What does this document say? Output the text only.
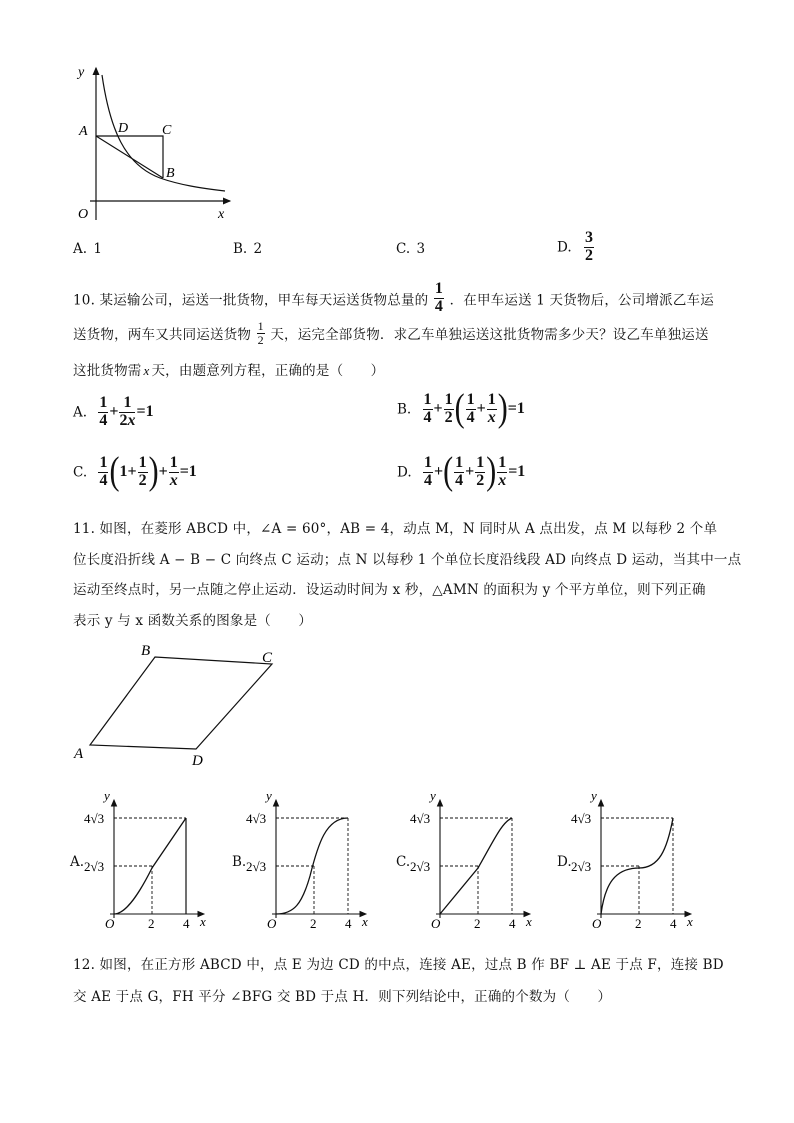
y
x
O
A D C
B
A. 1	B. 2	C. 3	D. $\frac{3}{2}$
10. 某运输公司，运送一批货物，甲车每天运送货物总量的 $\frac{1}{4}$ ．在甲车运送 1 天货物后，公司增派乙车运
送货物，两车又共同运送货物 $\frac{1}{2}$ 天，运完全部货物．求乙车单独运送这批货物需多少天？设乙车单独运送
这批货物需 x 天，由题意列方程，正确的是（　　）
A. $\frac{1}{4} + \frac{1}{2x} =1$	B. $\frac{1}{4} + \frac{1}{2}$ ( $\frac{1}{4} + \frac{1}{x} )=1$
C. $\frac{1}{4} (1+ \frac{1}{2}$ )+ $\frac{1}{x} =1$	D. $\frac{1}{4}$ +( $\frac{1}{4} + \frac{1}{2}$ ) $\frac{1}{x} =1$
11. 如图，在菱形 ABCD 中，∠A = 60°，AB = 4，动点 M，N 同时从 A 点出发，点 M 以每秒 2 个单
位长度沿折线 A − B − C 向终点 C 运动；点 N 以每秒 1 个单位长度沿线段 AD 向终点 D 运动，当其中一点
运动至终点时，另一点随之停止运动．设运动时间为 x 秒，△AMN 的面积为 y 个平方单位，则下列正确
表示 y 与 x 函数关系的图象是（　　）
A
B	C
D
A.
y
4√3
2√3
O	2 4 x
B.
y
4√3
2√3
O	2 4 x
C.
y
4√3
2√3
O	2 4 x
D.
y
4√3
2√3
O	2 4 x
12. 如图，在正方形 ABCD 中，点 E 为边 CD 的中点，连接 AE，过点 B 作 BF ⊥ AE 于点 F，连接 BD
交 AE 于点 G，FH 平分 ∠BFG 交 BD 于点 H．则下列结论中，正确的个数为（　　）
